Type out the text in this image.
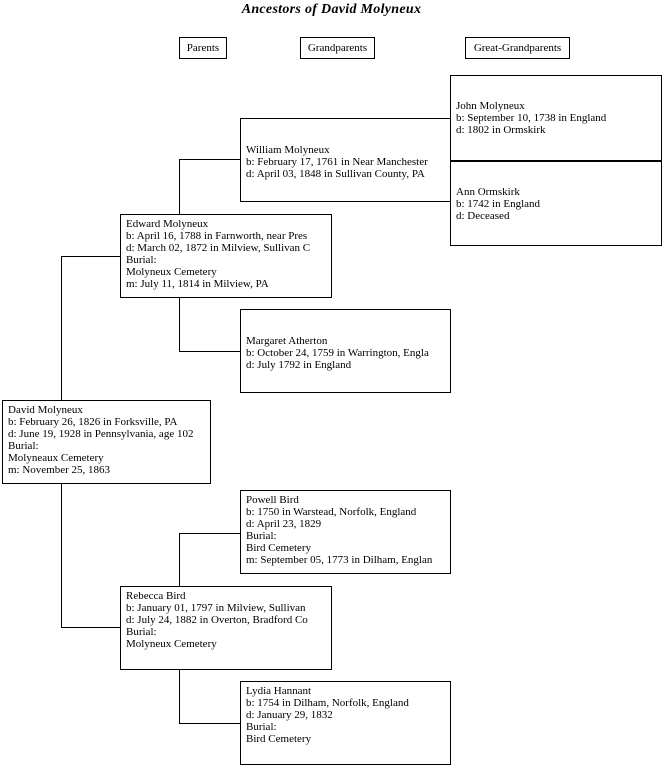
Ancestors of David Molyneux
Parents	Grandparents	Great-Grandparents
David Molyneux
b: February 26, 1826 in Forksville, PA
d: June 19, 1928 in Pennsylvania, age 102
Burial:
Molyneaux Cemetery
m: November 25, 1863
Edward Molyneux
b: April 16, 1788 in Farnworth, near Pres
d: March 02, 1872 in Milview, Sullivan C
Burial:
Molyneux Cemetery
m: July 11, 1814 in Milview, PA
Rebecca Bird
b: January 01, 1797 in Milview, Sullivan
d: July 24, 1882 in Overton, Bradford Co
Burial:
Molyneux Cemetery
William Molyneux
b: February 17, 1761 in Near Manchester
d: April 03, 1848 in Sullivan County, PA
Margaret Atherton
b: October 24, 1759 in Warrington, Engla
d: July 1792 in England
Powell Bird
b: 1750 in Warstead, Norfolk, England
d: April 23, 1829
Burial:
Bird Cemetery
m: September 05, 1773 in Dilham, Englan
Lydia Hannant
b: 1754 in Dilham, Norfolk, England
d: January 29, 1832
Burial:
Bird Cemetery
John Molyneux
b: September 10, 1738 in England
d: 1802 in Ormskirk
Ann Ormskirk
b: 1742 in England
d: Deceased
